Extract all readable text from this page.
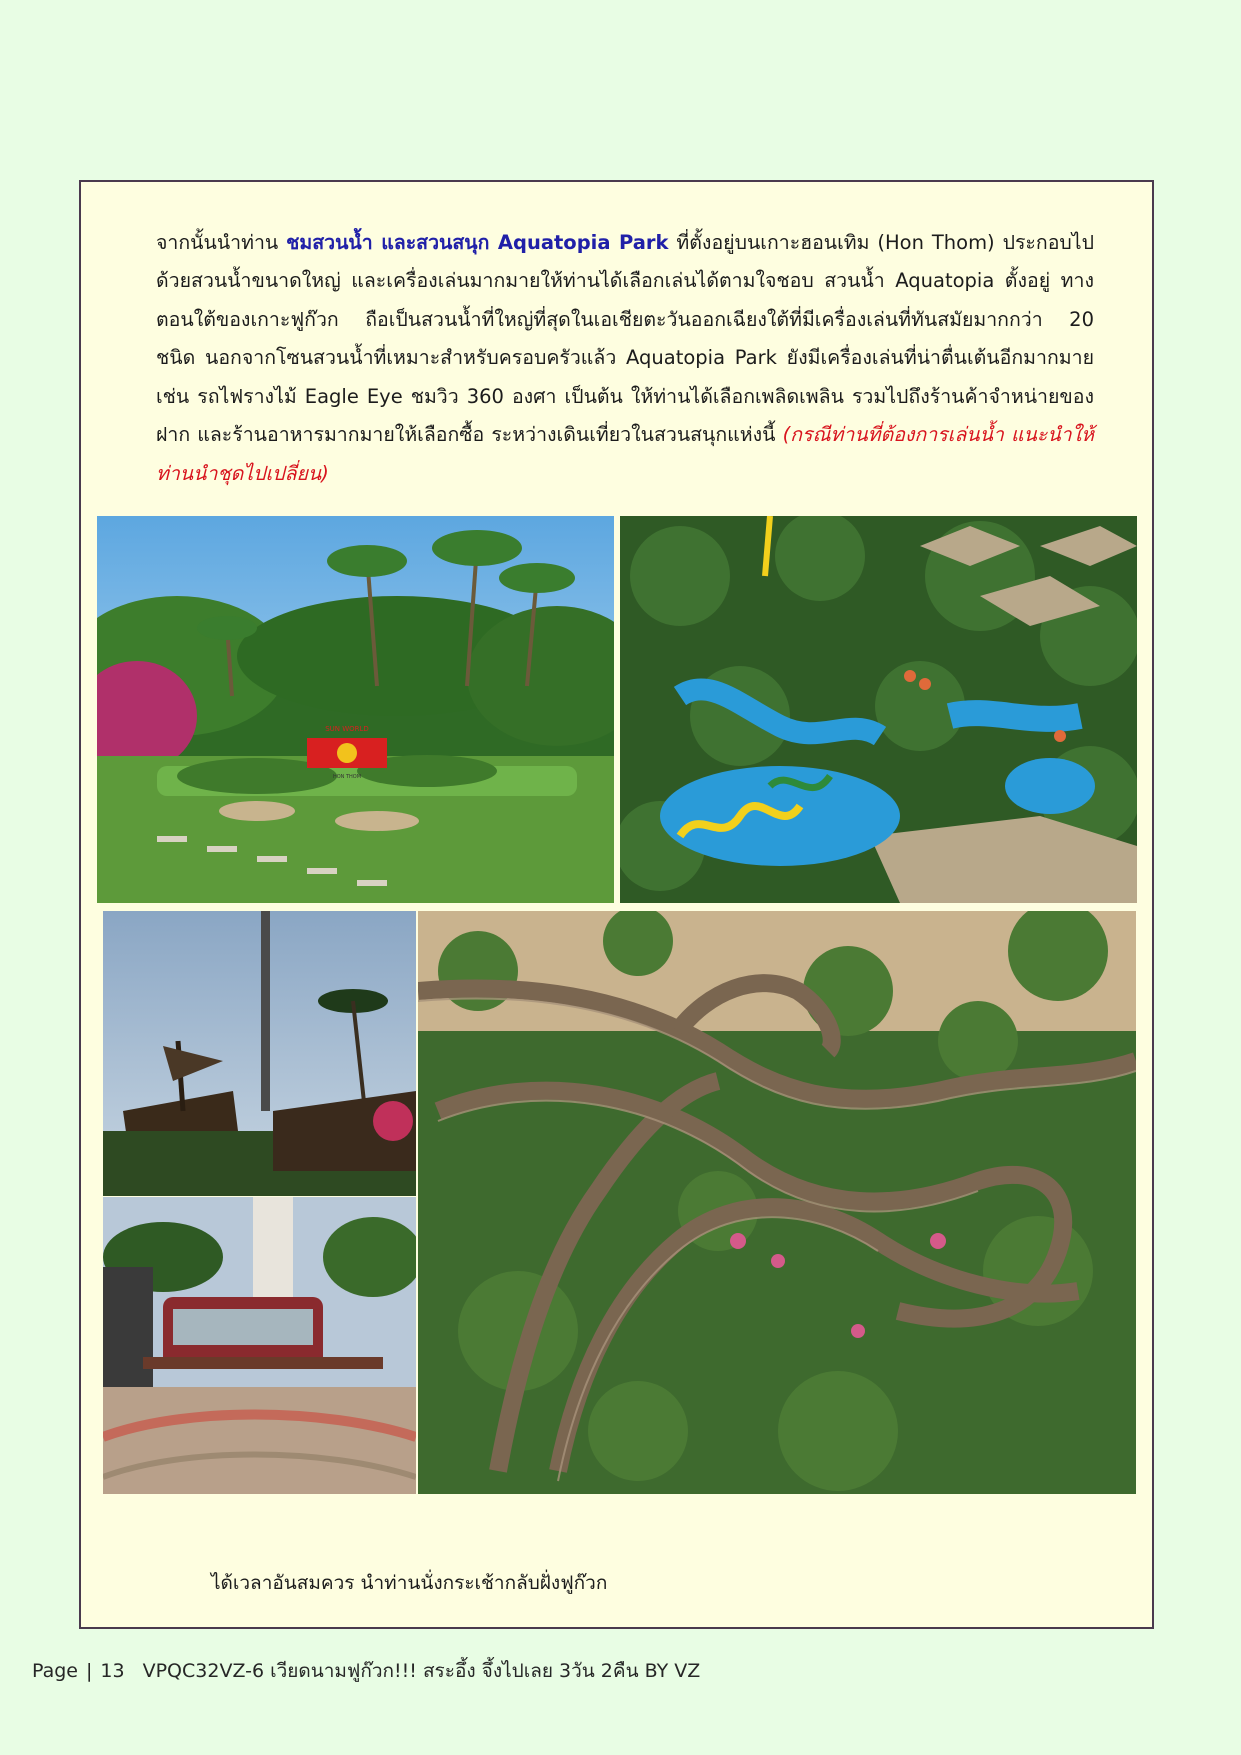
จากนั้นนำท่าน ชมสวนน้ำ และสวนสนุก Aquatopia Park ที่ตั้งอยู่บนเกาะฮอนเทิม (Hon Thom) ประกอบไปด้วยสวนน้ำขนาดใหญ่ และเครื่องเล่นมากมายให้ท่านได้เลือกเล่นได้ตามใจชอบ สวนน้ำ Aquatopia ตั้งอยู่ ทางตอนใต้ของเกาะฟูก๊วก ถือเป็นสวนน้ำที่ใหญ่ที่สุดในเอเชียตะวันออกเฉียงใต้ที่มีเครื่องเล่นที่ทันสมัยมากกว่า 20 ชนิด นอกจากโซนสวนน้ำที่เหมาะสำหรับครอบครัวแล้ว Aquatopia Park ยังมีเครื่องเล่นที่น่าตื่นเต้นอีกมากมายเช่น รถไฟรางไม้ Eagle Eye ชมวิว 360 องศา เป็นต้น ให้ท่านได้เลือกเพลิดเพลิน รวมไปถึงร้านค้าจำหน่ายของฝาก และร้านอาหารมากมายให้เลือกซื้อ ระหว่างเดินเที่ยวในสวนสนุกแห่งนี้ (กรณีท่านที่ต้องการเล่นน้ำ แนะนำให้ท่านนำชุดไปเปลี่ยน)

SUN WORLD
HON THOM

ได้เวลาอันสมควร นำท่านนั่งกระเช้ากลับฝั่งฟูก๊วก

Page | 13 VPQC32VZ-6 เวียดนามฟูก๊วก!!! สระอึ้ง จึ้งไปเลย 3วัน 2คืน BY VZ
